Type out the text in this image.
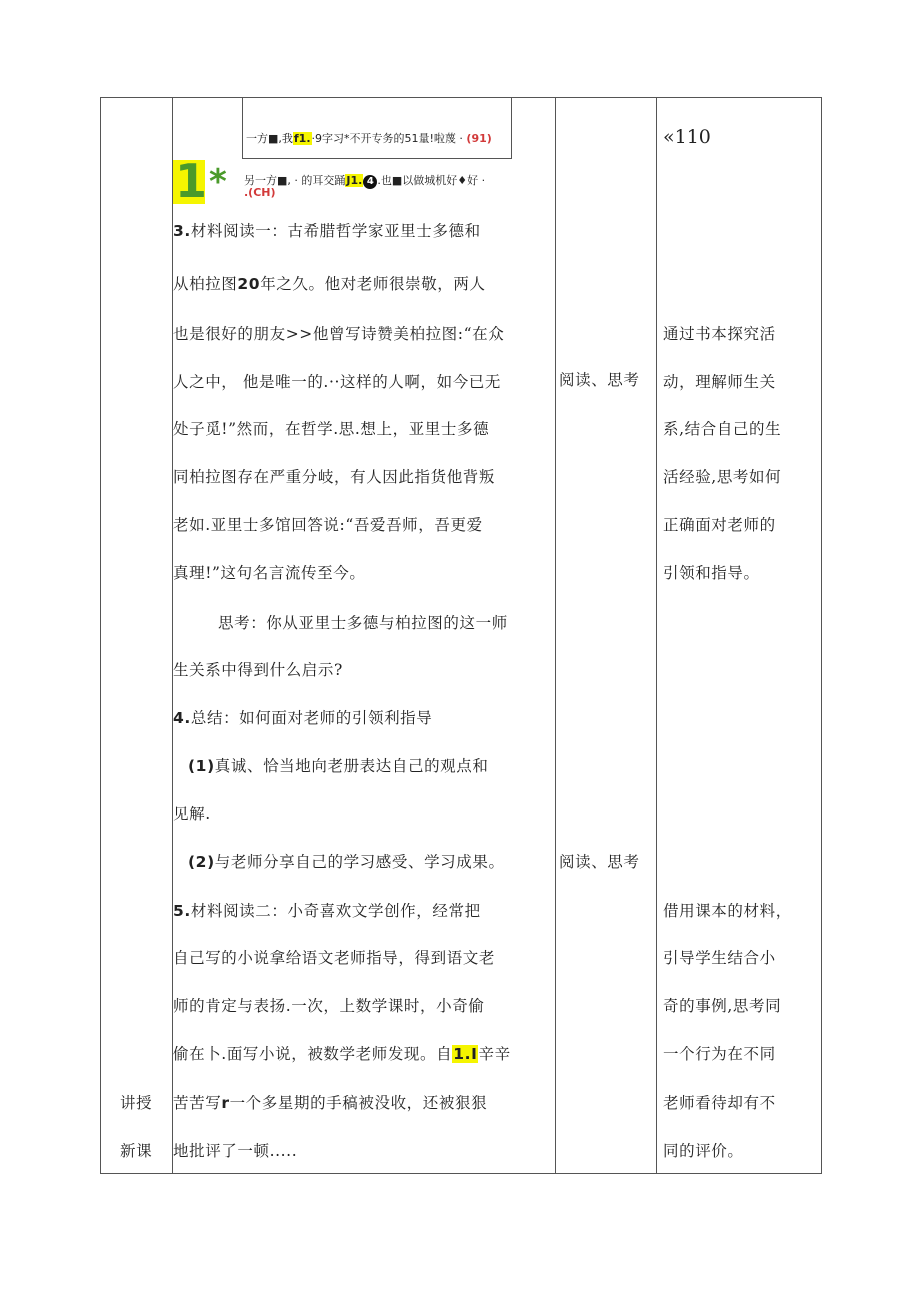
一方■,我f1.·9字习*不开专务的51量!啦蔑 · (91)
1 * 另一方■, · 的耳交踊J1. 4 .也■以做城机好♦好 ·
.(CH)
«110
3.材料阅读一：古希腊哲学家亚里士多德和
从柏拉图20年之久。他对老师很崇敬，两人
也是很好的朋友>>他曾写诗赞美柏拉图:“在众
人之中， 他是唯一的.··这样的人啊，如今已无
处子觅!”然而，在哲学.思.想上，亚里士多德
同柏拉图存在严重分岐，有人因此指货他背叛
老如.亚里士多馆回答说:“吾爱吾师，吾更爱
真理!”这句名言流传至今。
思考：你从亚里士多德与柏拉图的这一师
生关系中得到什么启示?
4.总结：如何面对老师的引领利指导
(1)真诚、恰当地向老册表达自己的观点和
见解.
(2)与老师分享自己的学习感受、学习成果。
5.材料阅读二：小奇喜欢文学创作，经常把
自己写的小说拿给语文老师指导，得到语文老
师的肯定与表扬.一次，上数学课时，小奇偷
偷在卜.面写小说，被数学老师发现。自1.I辛辛
苦苦写r一个多星期的手稿被没收，还被狠狠
地批评了一顿.....
阅读、思考
阅读、思考
通过书本探究活
动，理解师生关
系,结合自己的生
活经验,思考如何
正确面对老师的
引领和指导。
借用课本的材料，
引导学生结合小
奇的事例,思考同
一个行为在不同
老师看待却有不
同的评价。
讲授
新课
